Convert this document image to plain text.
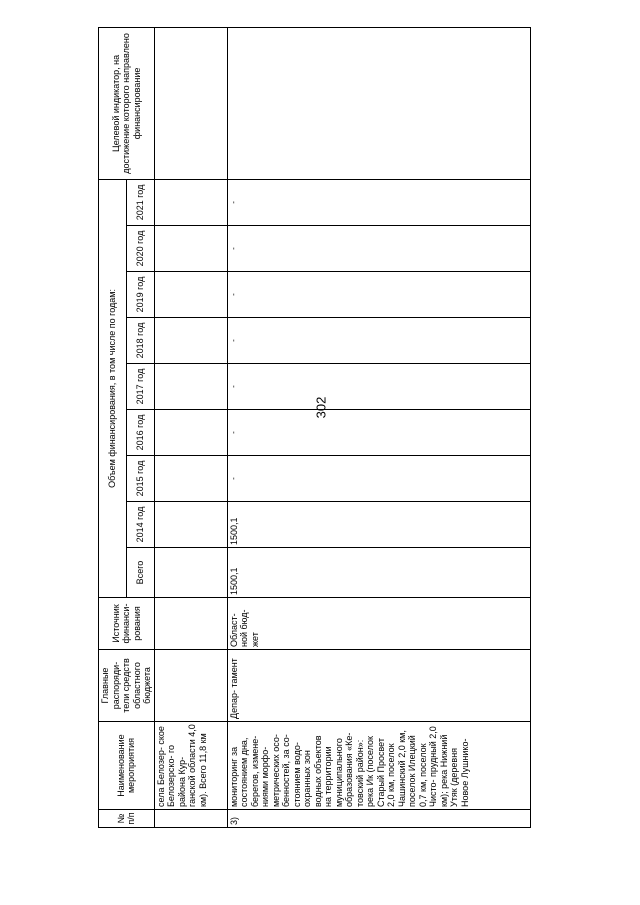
302
№ п/п	Наименование мероприятия	Главные распоряди- тели средств областного бюджета	Источник финанси- рования	Объем финансирования, в том числе по годам:									Целевой индикатор, на достижение которого направлено финансирование
				Всего	2014 год	2015 год	2016 год	2017 год	2018 год	2019 год	2020 год	2021 год	
	села Белозер- ское Белозерско- го района Кур- ганской области 4,0 км). Всего 11,8 км												
3)	мониторинг за состоянием дна, берегов, измене- ниями морфо- метрических осо- бенностей, за со- стоянием водо- охранных зон водных объектов на территории муниципального образования «Ке- товский район»: река Ик (поселок Старый Просвет 2,0 км, поселок Чашинский 2,0 км, поселок Илецкий 0,7 км, поселок Чисто- прудный 2,0 км); река Нижний Утяк (деревня Новое Лушнико-	Депар- тамент	Област- ной бюд- жет	1500,1	1500,1	-	-	-	-	-	-	-	
